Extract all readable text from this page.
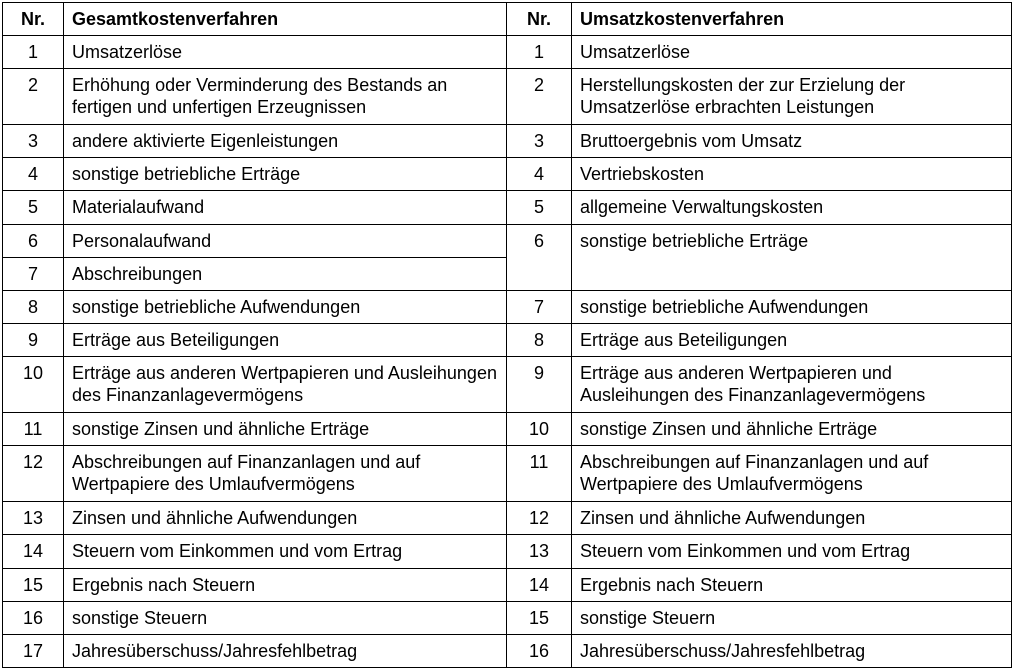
Nr.	Gesamtkostenverfahren	Nr.	Umsatzkostenverfahren
1	Umsatzerlöse	1	Umsatzerlöse
2	Erhöhung oder Verminderung des Bestands an fertigen und unfertigen Erzeugnissen	2	Herstellungskosten der zur Erzielung der Umsatzerlöse erbrachten Leistungen
3	andere aktivierte Eigenleistungen	3	Bruttoergebnis vom Umsatz
4	sonstige betriebliche Erträge	4	Vertriebskosten
5	Materialaufwand	5	allgemeine Verwaltungskosten
6	Personalaufwand	6	sonstige betriebliche Erträge
7	Abschreibungen		
8	sonstige betriebliche Aufwendungen	7	sonstige betriebliche Aufwendungen
9	Erträge aus Beteiligungen	8	Erträge aus Beteiligungen
10	Erträge aus anderen Wertpapieren und Ausleihungen des Finanzanlagevermögens	9	Erträge aus anderen Wertpapieren und Ausleihungen des Finanzanlagevermögens
11	sonstige Zinsen und ähnliche Erträge	10	sonstige Zinsen und ähnliche Erträge
12	Abschreibungen auf Finanzanlagen und auf Wertpapiere des Umlaufvermögens	11	Abschreibungen auf Finanzanlagen und auf Wertpapiere des Umlaufvermögens
13	Zinsen und ähnliche Aufwendungen	12	Zinsen und ähnliche Aufwendungen
14	Steuern vom Einkommen und vom Ertrag	13	Steuern vom Einkommen und vom Ertrag
15	Ergebnis nach Steuern	14	Ergebnis nach Steuern
16	sonstige Steuern	15	sonstige Steuern
17	Jahresüberschuss/Jahresfehlbetrag	16	Jahresüberschuss/Jahresfehlbetrag
